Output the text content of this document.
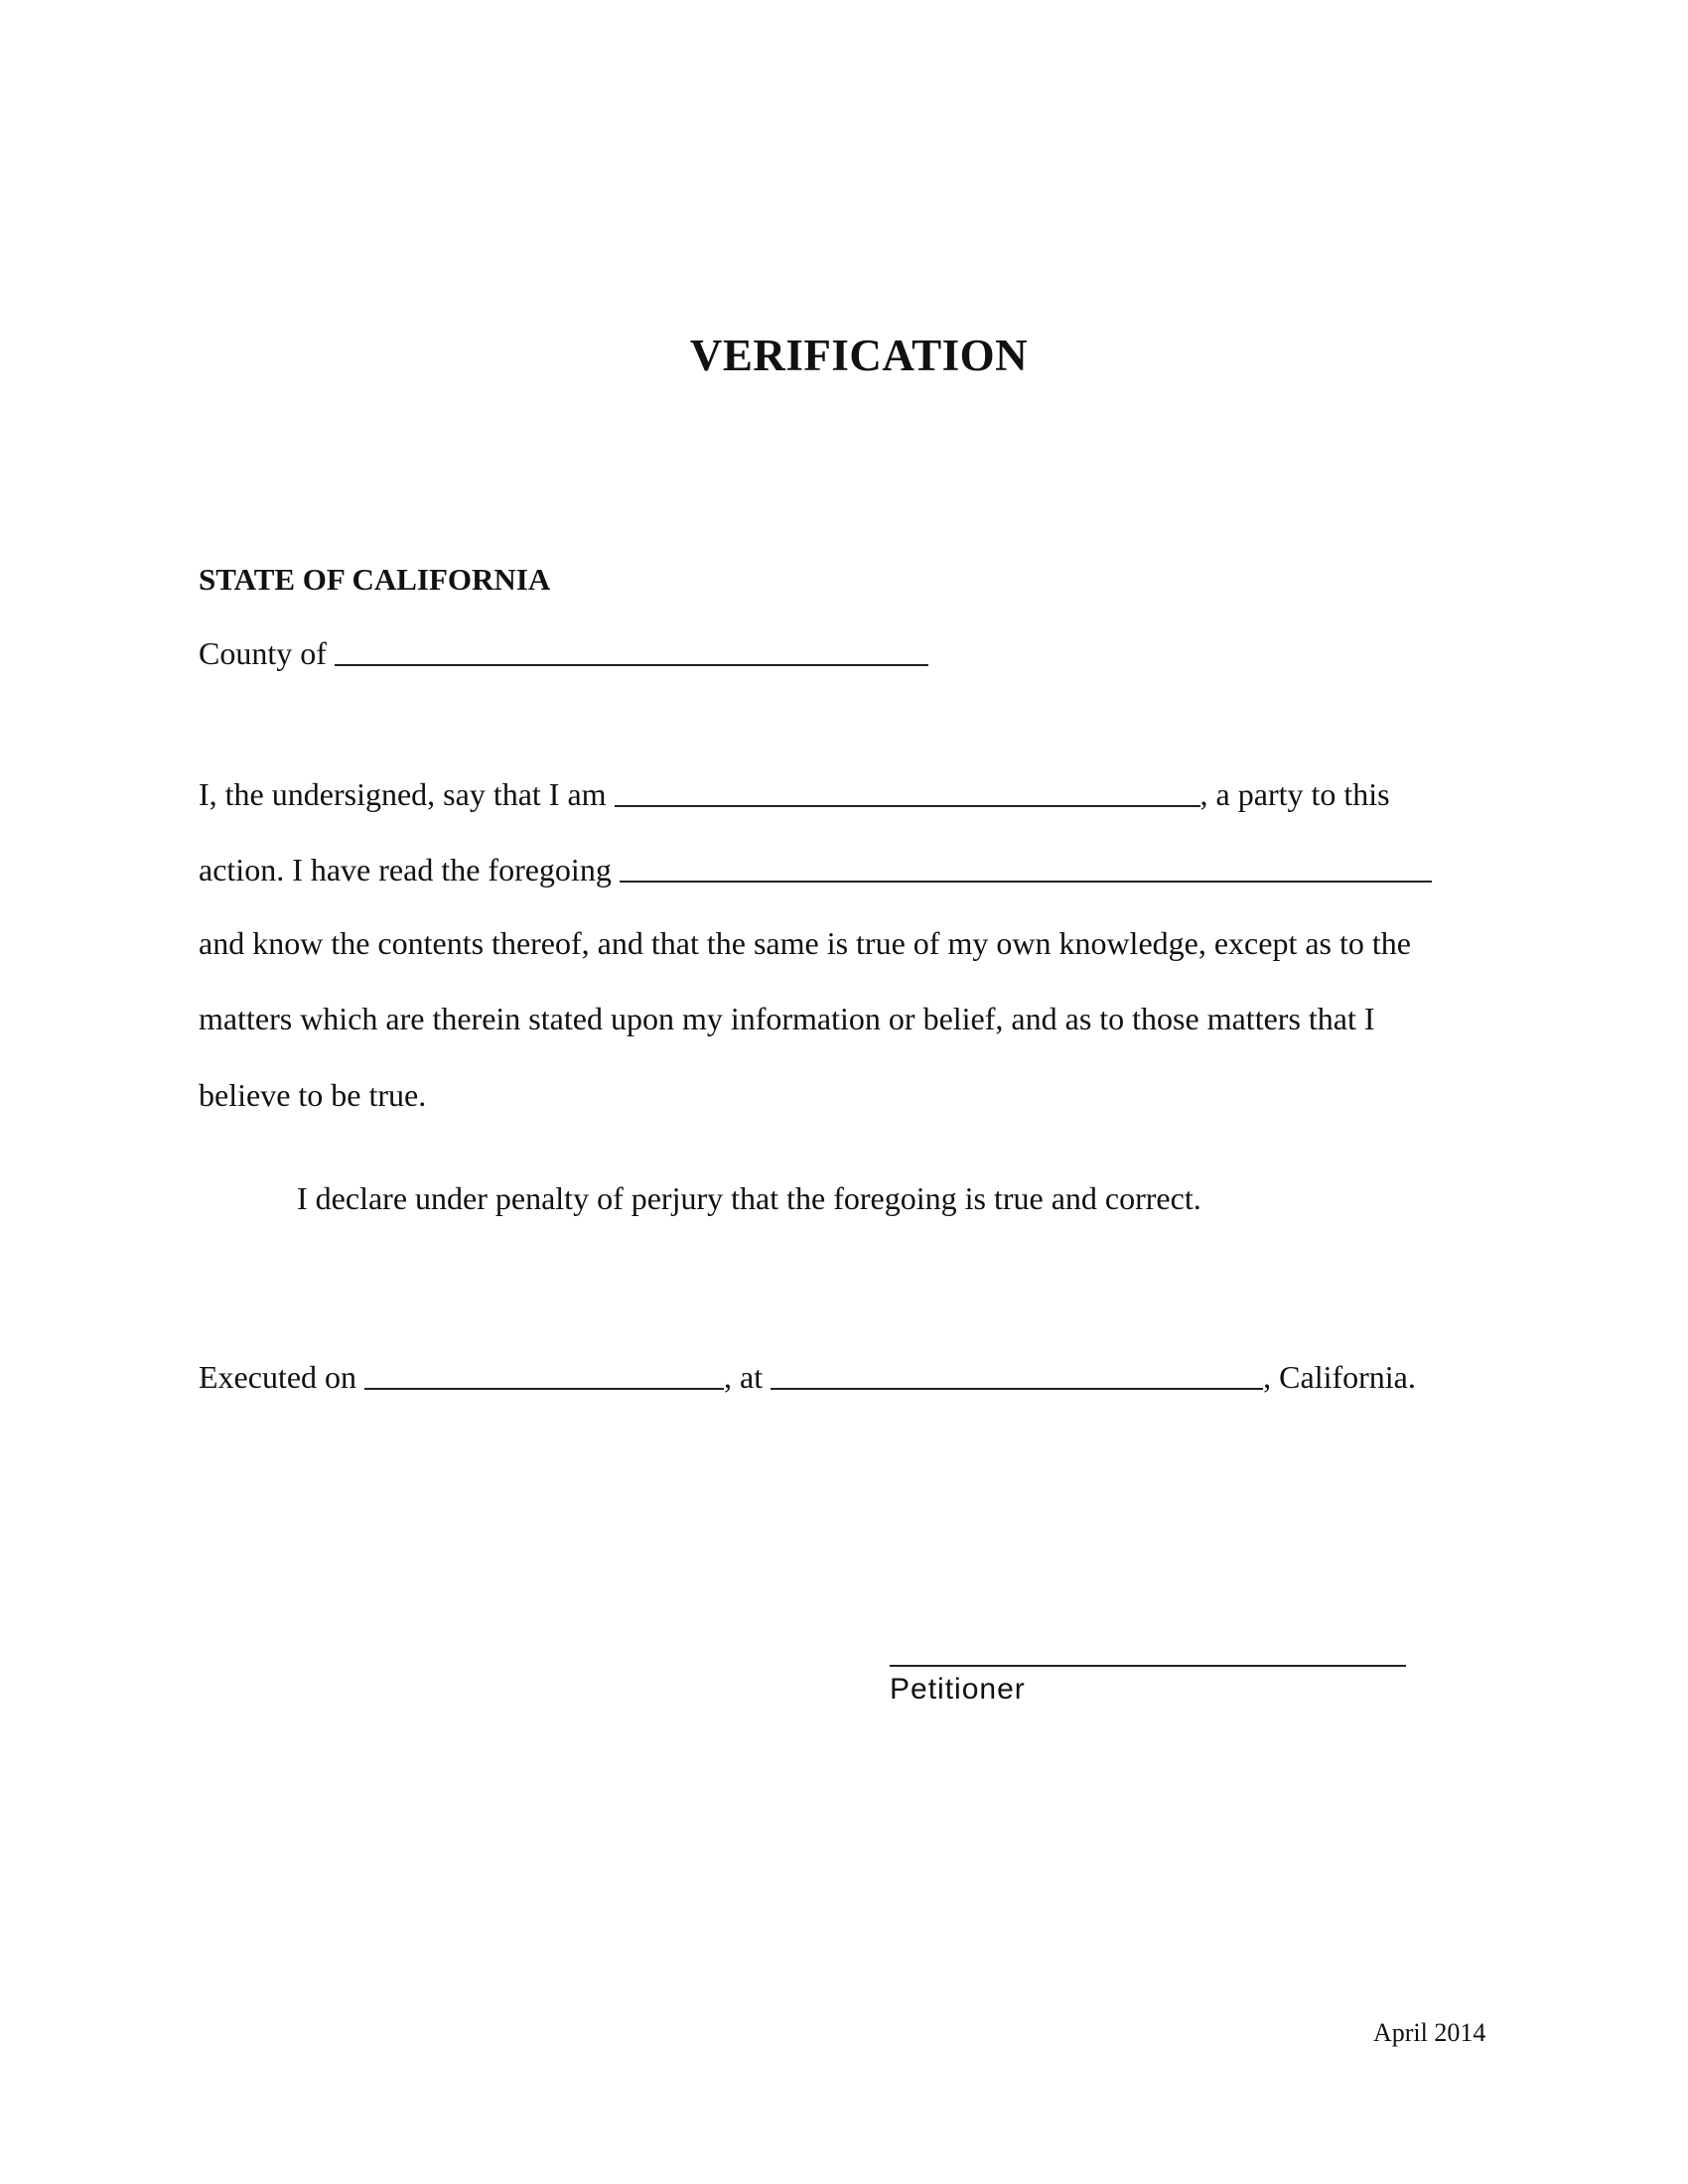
VERIFICATION
STATE OF CALIFORNIA
County of
I, the undersigned, say that I am	, a party to this
action. I have read the foregoing
and know the contents thereof, and that the same is true of my own knowledge, except as to the
matters which are therein stated upon my information or belief, and as to those matters that I
believe to be true.
I declare under penalty of perjury that the foregoing is true and correct.
Executed on	, at	, California.
Petitioner
April 2014
